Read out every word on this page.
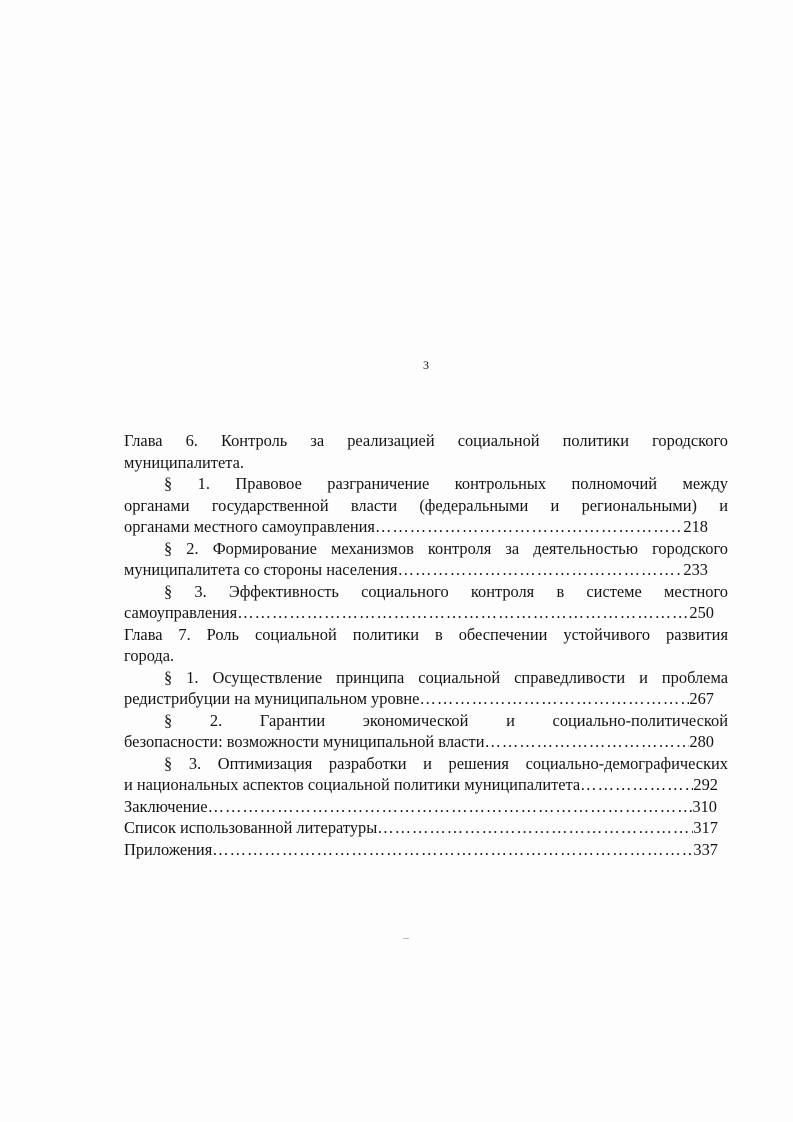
3
Глава 6. Контроль за реализацией социальной политики городского
муниципалитета.
§ 1. Правовое разграничение контрольных полномочий между
органами государственной власти (федеральными и региональными) и
органами местного самоуправления …………………………………………………………………………………………………………………………………………	218
§ 2. Формирование механизмов контроля за деятельностью городского
муниципалитета со стороны населения …………………………………………………………………………………………………………………………………………	233
§ 3. Эффективность социального контроля в системе местного
самоуправления …………………………………………………………………………………………………………………………………………	250
Глава 7. Роль социальной политики в обеспечении устойчивого развития
города.
§ 1. Осуществление принципа социальной справедливости и проблема
редистрибуции на муниципальном уровне …………………………………………………………………………………………………………………………………………	267
§ 2. Гарантии экономической и социально-политической
безопасности: возможности муниципальной власти …………………………………………………………………………………………………………………………………………	280
§ 3. Оптимизация разработки и решения социально-демографических
и национальных аспектов социальной политики муниципалитета …………………………………………………………………………………………………………………………………………	292
Заключение …………………………………………………………………………………………………………………………………………	310
Список использованной литературы …………………………………………………………………………………………………………………………………………	317
Приложения …………………………………………………………………………………………………………………………………………	337
